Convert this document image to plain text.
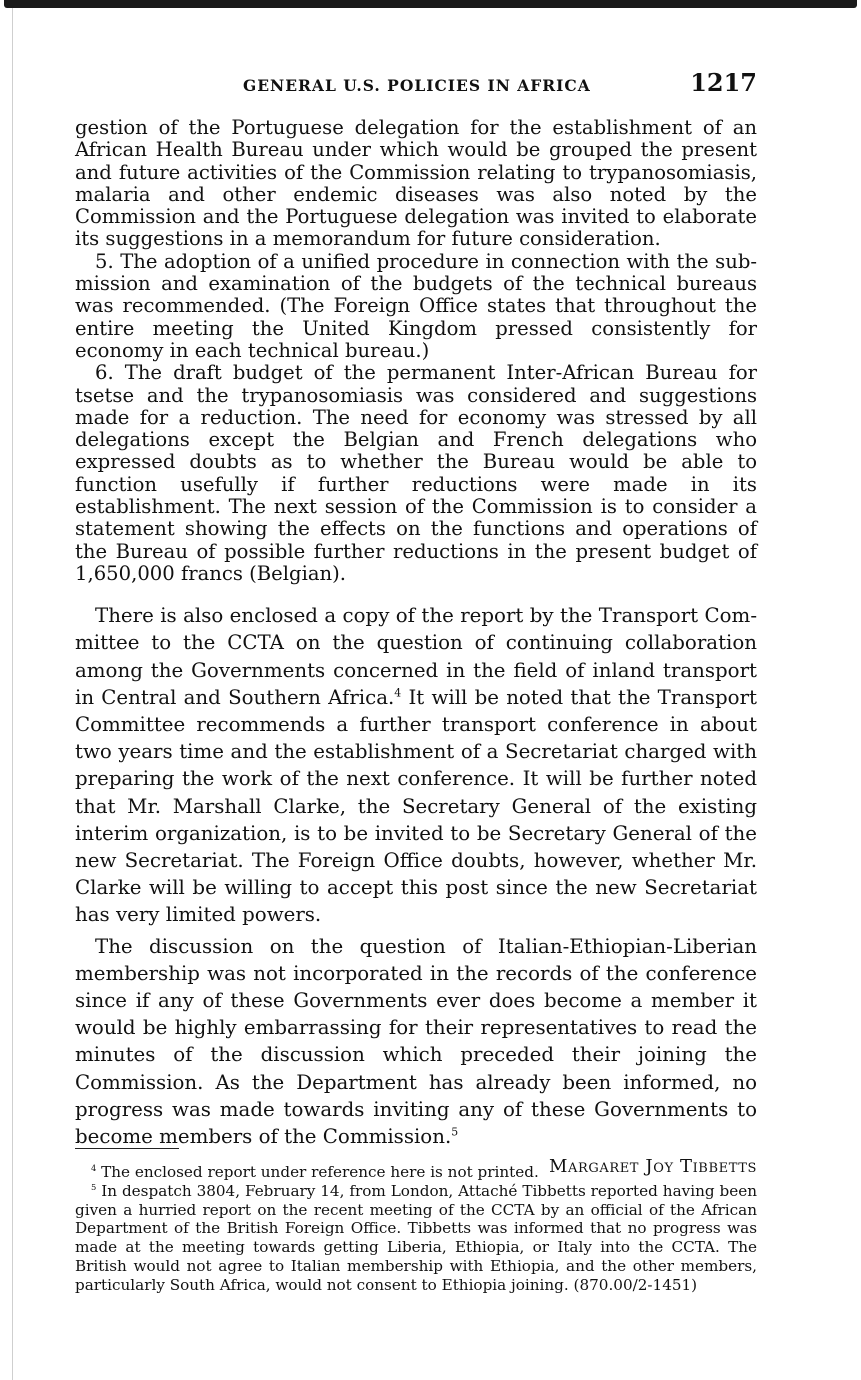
GENERAL U.S. POLICIES IN AFRICA	1217

gestion of the Portuguese delegation for the establishment of an African Health Bureau under which would be grouped the present and future activities of the Commission relating to trypanosomiasis, malaria and other endemic diseases was also noted by the Commission and the Portuguese delegation was invited to elaborate its suggestions in a memorandum for future consideration.

5. The adoption of a unified procedure in connection with the submission and examination of the budgets of the technical bureaus was recommended. (The Foreign Office states that throughout the entire meeting the United Kingdom pressed consistently for economy in each technical bureau.)

6. The draft budget of the permanent Inter-African Bureau for tsetse and the trypanosomiasis was considered and suggestions made for a reduction. The need for economy was stressed by all delegations except the Belgian and French delegations who expressed doubts as to whether the Bureau would be able to function usefully if further reductions were made in its establishment. The next session of the Commission is to consider a statement showing the effects on the functions and operations of the Bureau of possible further reductions in the present budget of 1,650,000 francs (Belgian).

There is also enclosed a copy of the report by the Transport Committee to the CCTA on the question of continuing collaboration among the Governments concerned in the field of inland transport in Central and Southern Africa.$^4$ It will be noted that the Transport Committee recommends a further transport conference in about two years time and the establishment of a Secretariat charged with preparing the work of the next conference. It will be further noted that Mr. Marshall Clarke, the Secretary General of the existing interim organization, is to be invited to be Secretary General of the new Secretariat. The Foreign Office doubts, however, whether Mr. Clarke will be willing to accept this post since the new Secretariat has very limited powers.

The discussion on the question of Italian-Ethiopian-Liberian membership was not incorporated in the records of the conference since if any of these Governments ever does become a member it would be highly embarrassing for their representatives to read the minutes of the discussion which preceded their joining the Commission. As the Department has already been informed, no progress was made towards inviting any of these Governments to become members of the Commission.$^5$

Margaret Joy Tibbetts

$^4$ The enclosed report under reference here is not printed.

$^5$ In despatch 3804, February 14, from London, Attaché Tibbetts reported having been given a hurried report on the recent meeting of the CCTA by an official of the African Department of the British Foreign Office. Tibbetts was informed that no progress was made at the meeting towards getting Liberia, Ethiopia, or Italy into the CCTA. The British would not agree to Italian membership with Ethiopia, and the other members, particularly South Africa, would not consent to Ethiopia joining. (870.00/2-1451)
